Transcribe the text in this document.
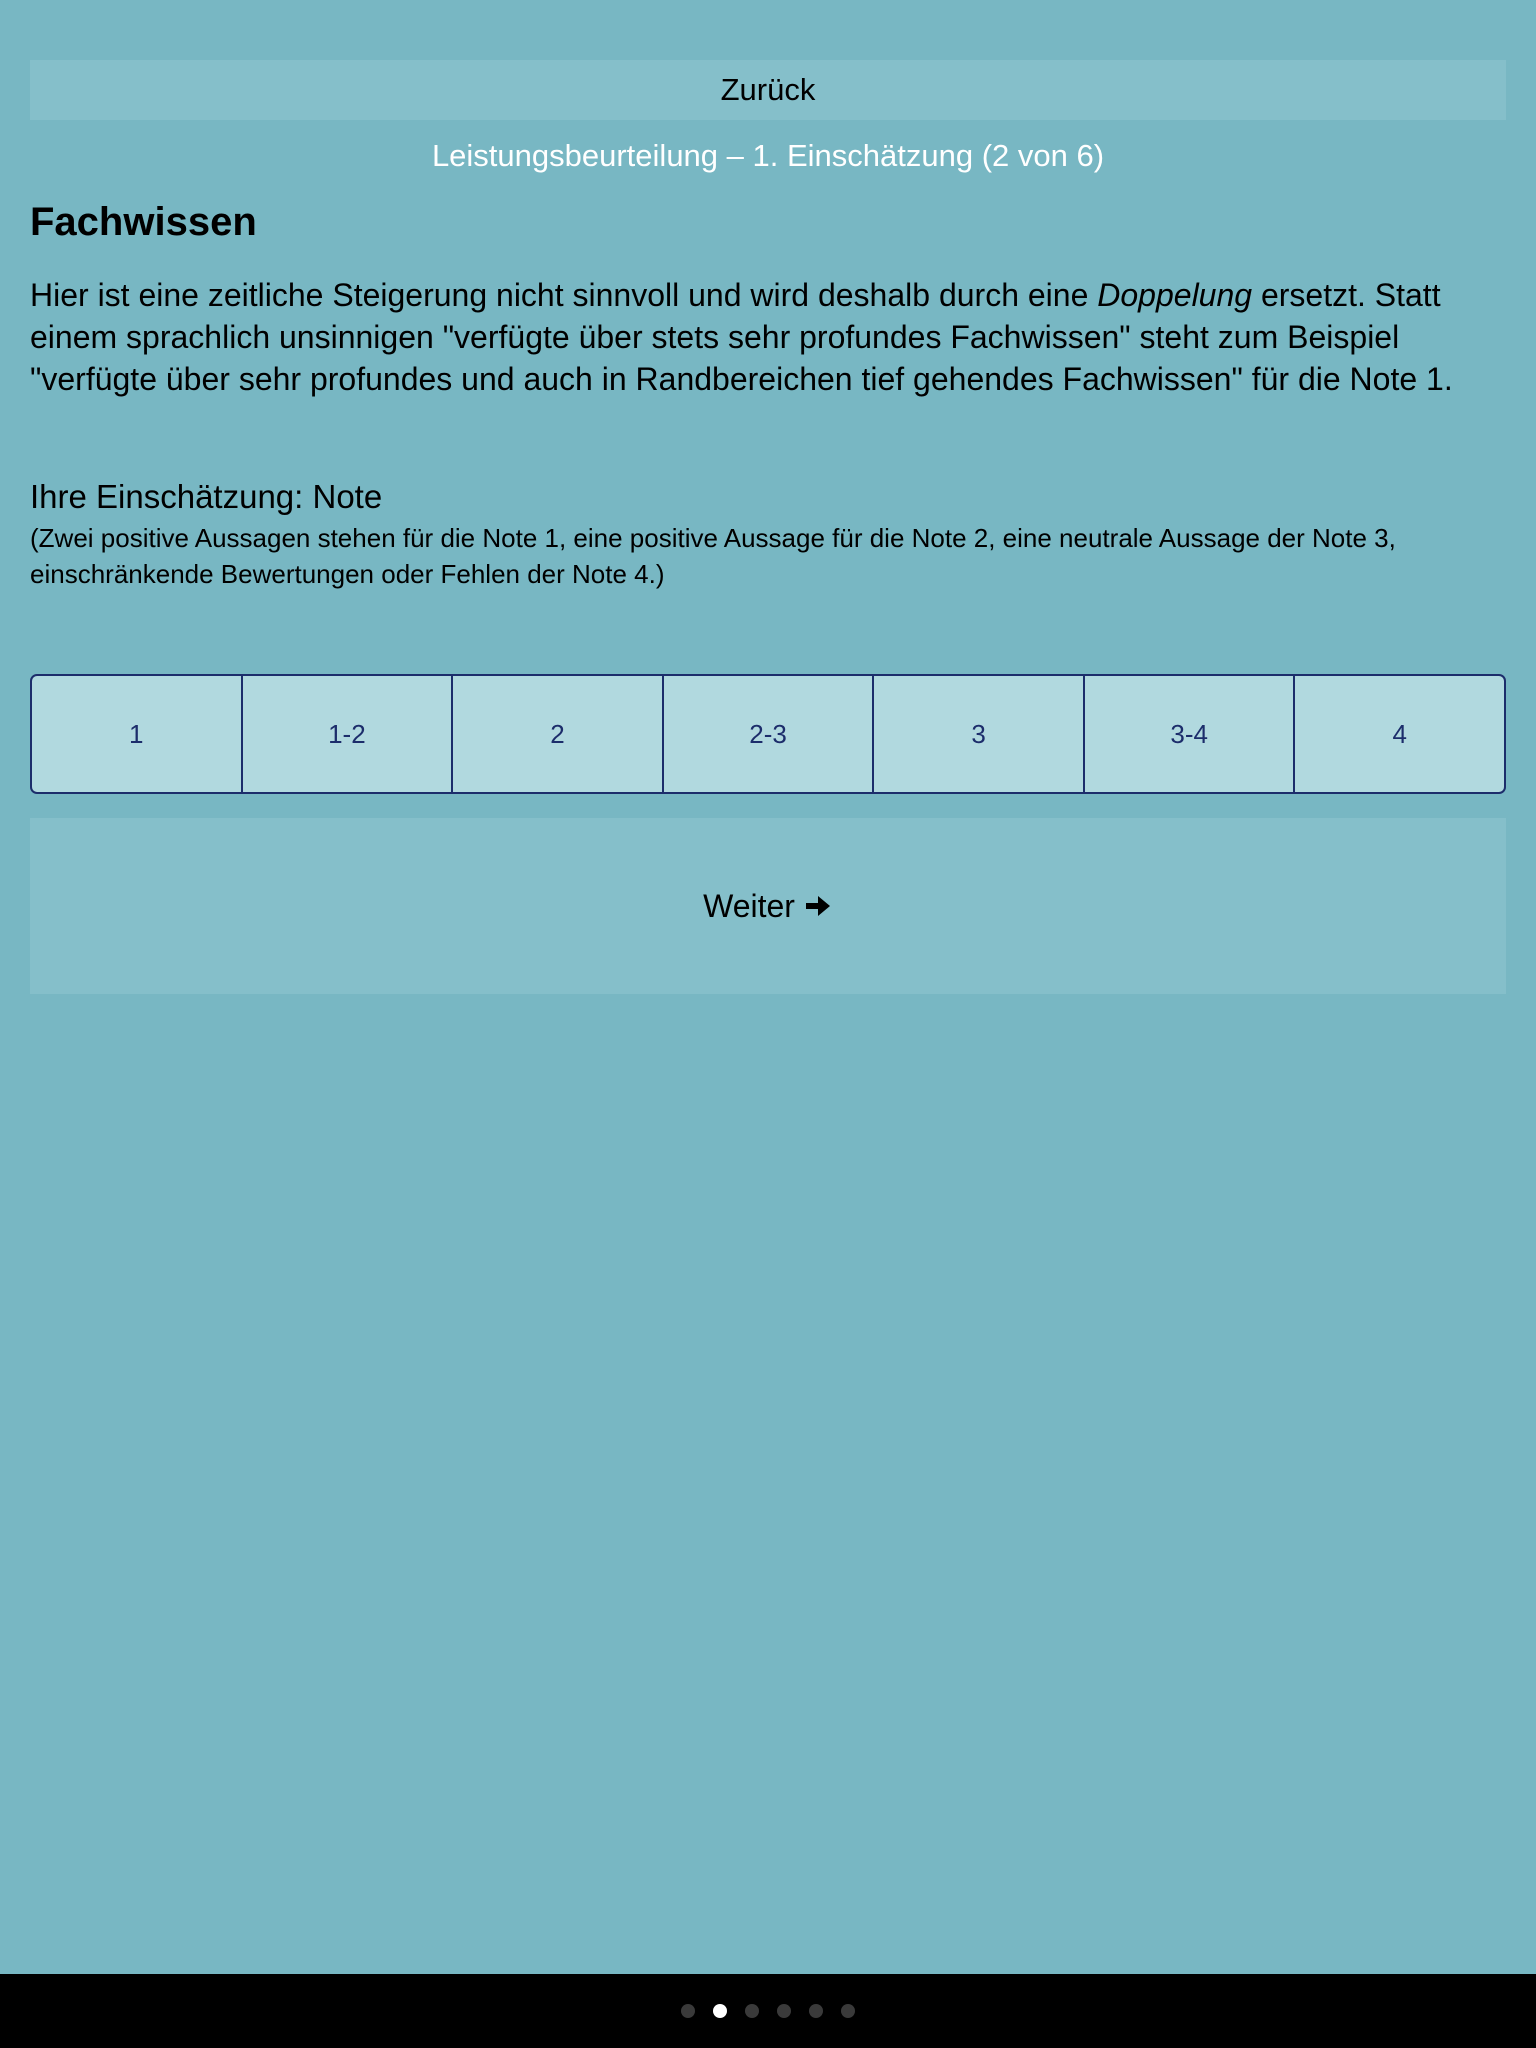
Zurück
Leistungsbeurteilung – 1. Einschätzung (2 von 6)
Fachwissen

Hier ist eine zeitliche Steigerung nicht sinnvoll und wird deshalb durch eine Doppelung ersetzt. Statt einem sprachlich unsinnigen "verfügte über stets sehr profundes Fachwissen" steht zum Beispiel "verfügte über sehr profundes und auch in Randbereichen tief gehendes Fachwissen" für die Note 1.

Ihre Einschätzung: Note
(Zwei positive Aussagen stehen für die Note 1, eine positive Aussage für die Note 2, eine neutrale Aussage der Note 3, einschränkende Bewertungen oder Fehlen der Note 4.)
1	1-2	2	2-3	3	3-4	4
Weiter
